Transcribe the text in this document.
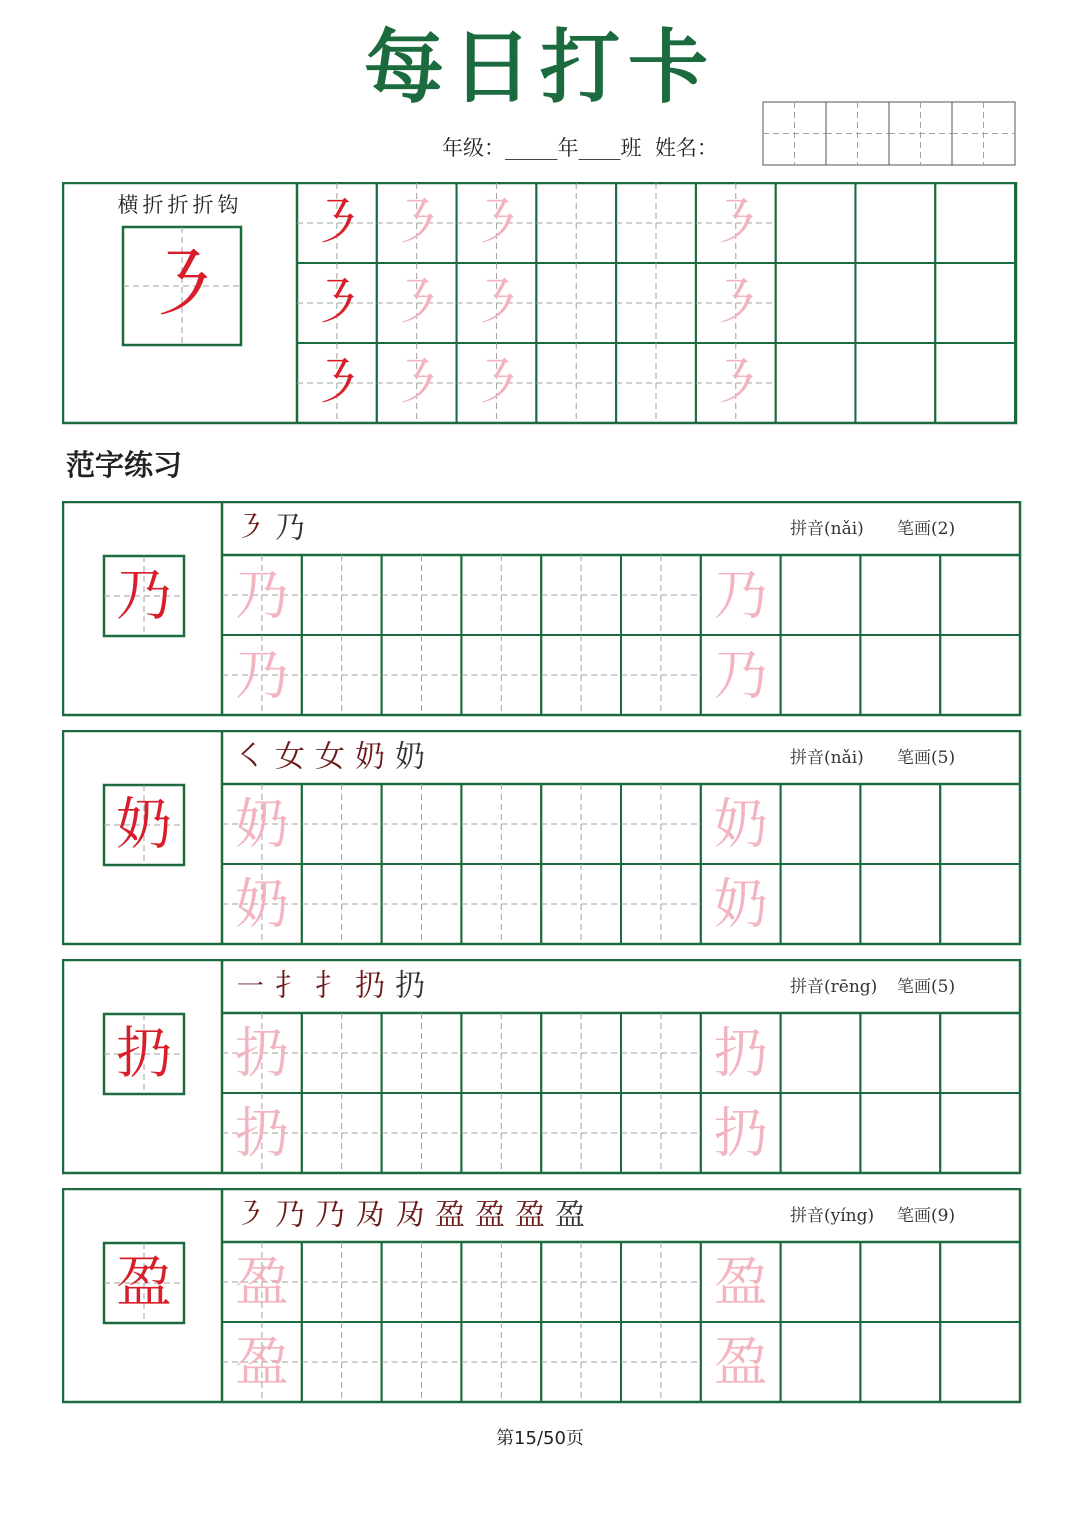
每日打卡
年级：_____年____班  姓名：
横折折折钩
㇋
㇋ ㇋ ㇋	㇋
㇋ ㇋ ㇋	㇋
㇋ ㇋ ㇋	㇋
范字练习
乃
㇋ 乃	拼音(nǎi) 笔画(2)
乃	乃
乃	乃
奶
㇛ ⼥ 女 奶 奶	拼音(nǎi) 笔画(5)
奶	奶
奶	奶
扔
㇐ 扌 扌 扔 扔	拼音(rēng) 笔画(5)
扔	扔
扔	扔
盈
㇋ 乃 乃 夃 夃 盈 盈 盈 盈	拼音(yíng) 笔画(9)
盈	盈
盈	盈
第15/50页
